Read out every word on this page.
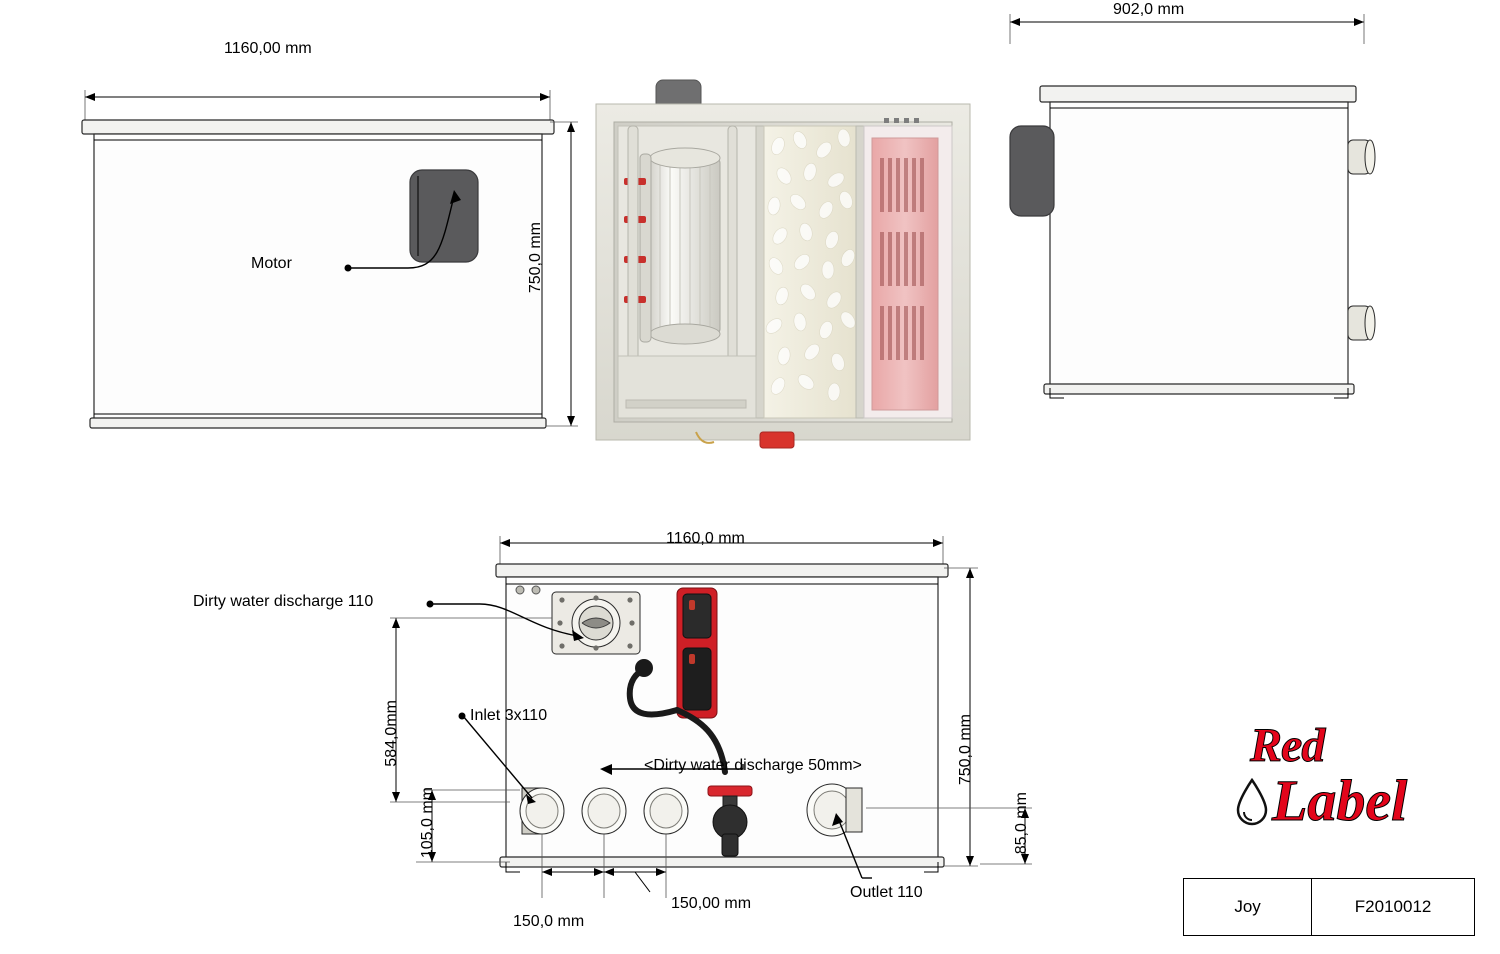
1160,00 mm
750,0 mm
Motor
902,0 mm
1160,0 mm
750,0 mm
584,0mm
105,0 mm	85,0 mm
150,0 mm
150,00 mm
Dirty water discharge 110
Inlet 3x110
<Dirty water discharge 50mm>
Outlet 110
Red
Label
Joy	F2010012
